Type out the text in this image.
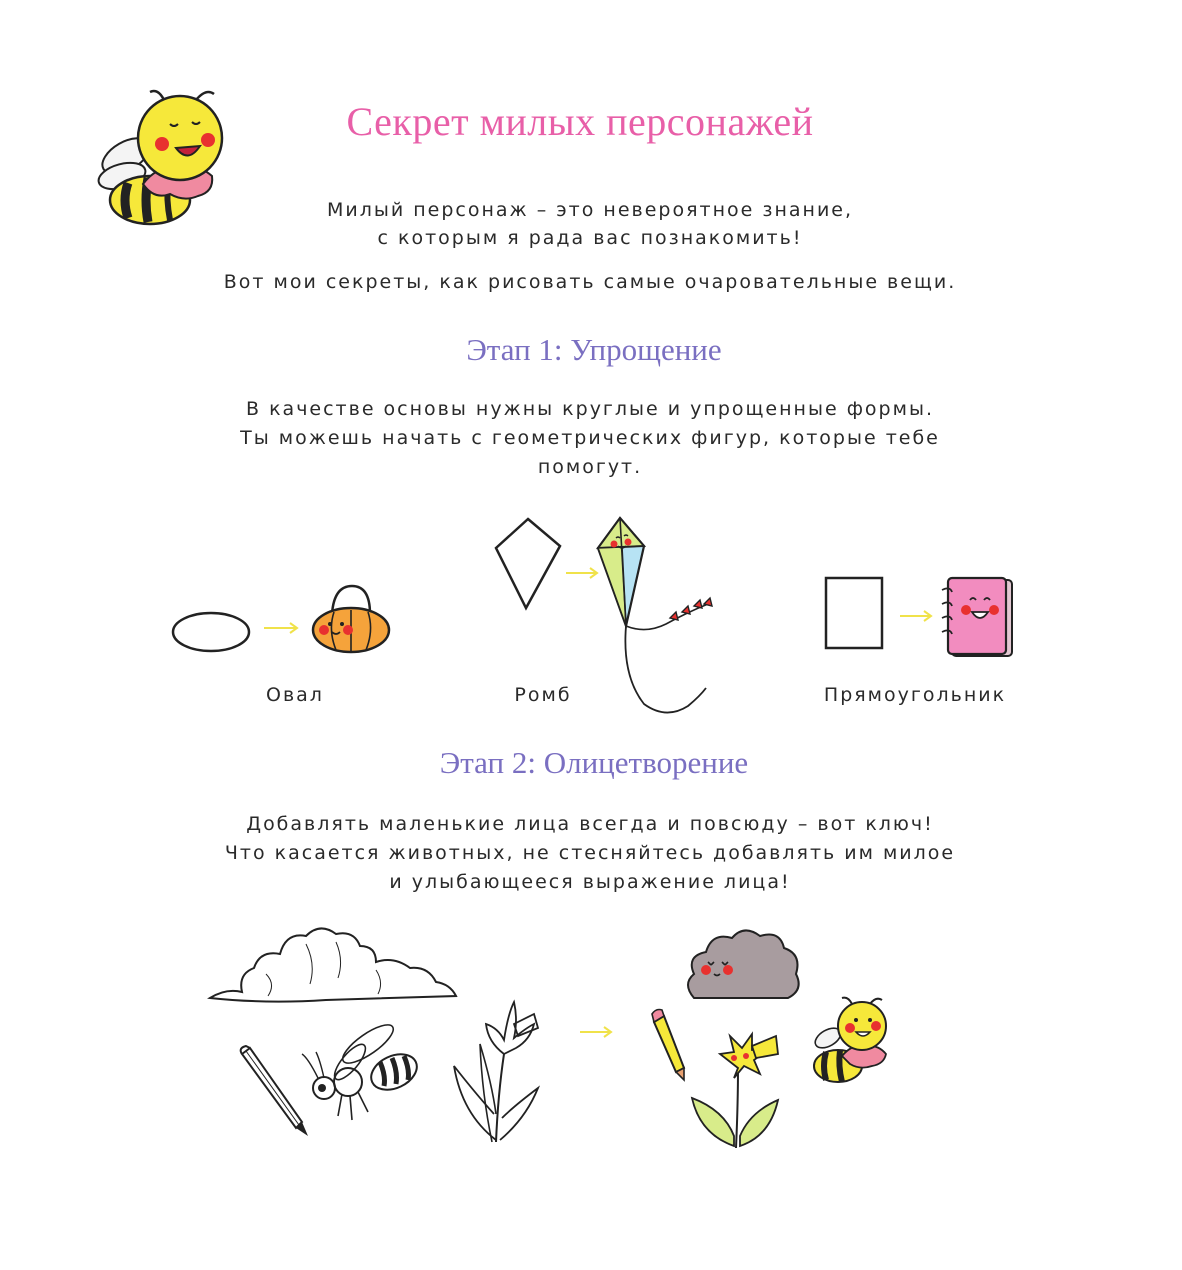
Секрет милых персонажей
Милый персонаж – это невероятное знание,
с которым я рада вас познакомить!
Вот мои секреты, как рисовать самые очаровательные вещи.
Этап 1: Упрощение
В качестве основы нужны круглые и упрощенные формы.
Ты можешь начать с геометрических фигур, которые тебе
помогут.
Овал	Ромб	Прямоугольник
Этап 2: Олицетворение
Добавлять маленькие лица всегда и повсюду – вот ключ!
Что касается животных, не стесняйтесь добавлять им милое
и улыбающееся выражение лица!
